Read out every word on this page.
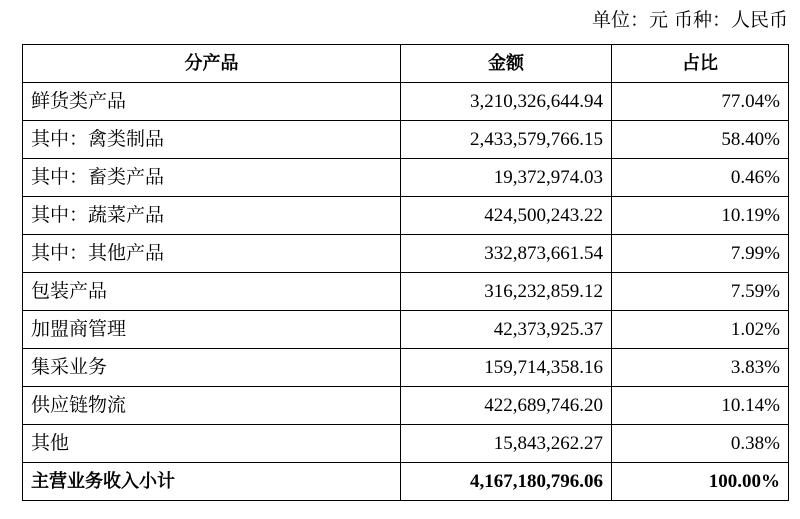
单位：元 币种：人民币
分产品	金额	占比
鲜货类产品	3,210,326,644.94	77.04%
其中：禽类制品	2,433,579,766.15	58.40%
其中：畜类产品	19,372,974.03	0.46%
其中：蔬菜产品	424,500,243.22	10.19%
其中：其他产品	332,873,661.54	7.99%
包装产品	316,232,859.12	7.59%
加盟商管理	42,373,925.37	1.02%
集采业务	159,714,358.16	3.83%
供应链物流	422,689,746.20	10.14%
其他	15,843,262.27	0.38%
主营业务收入小计	4,167,180,796.06	100.00%
